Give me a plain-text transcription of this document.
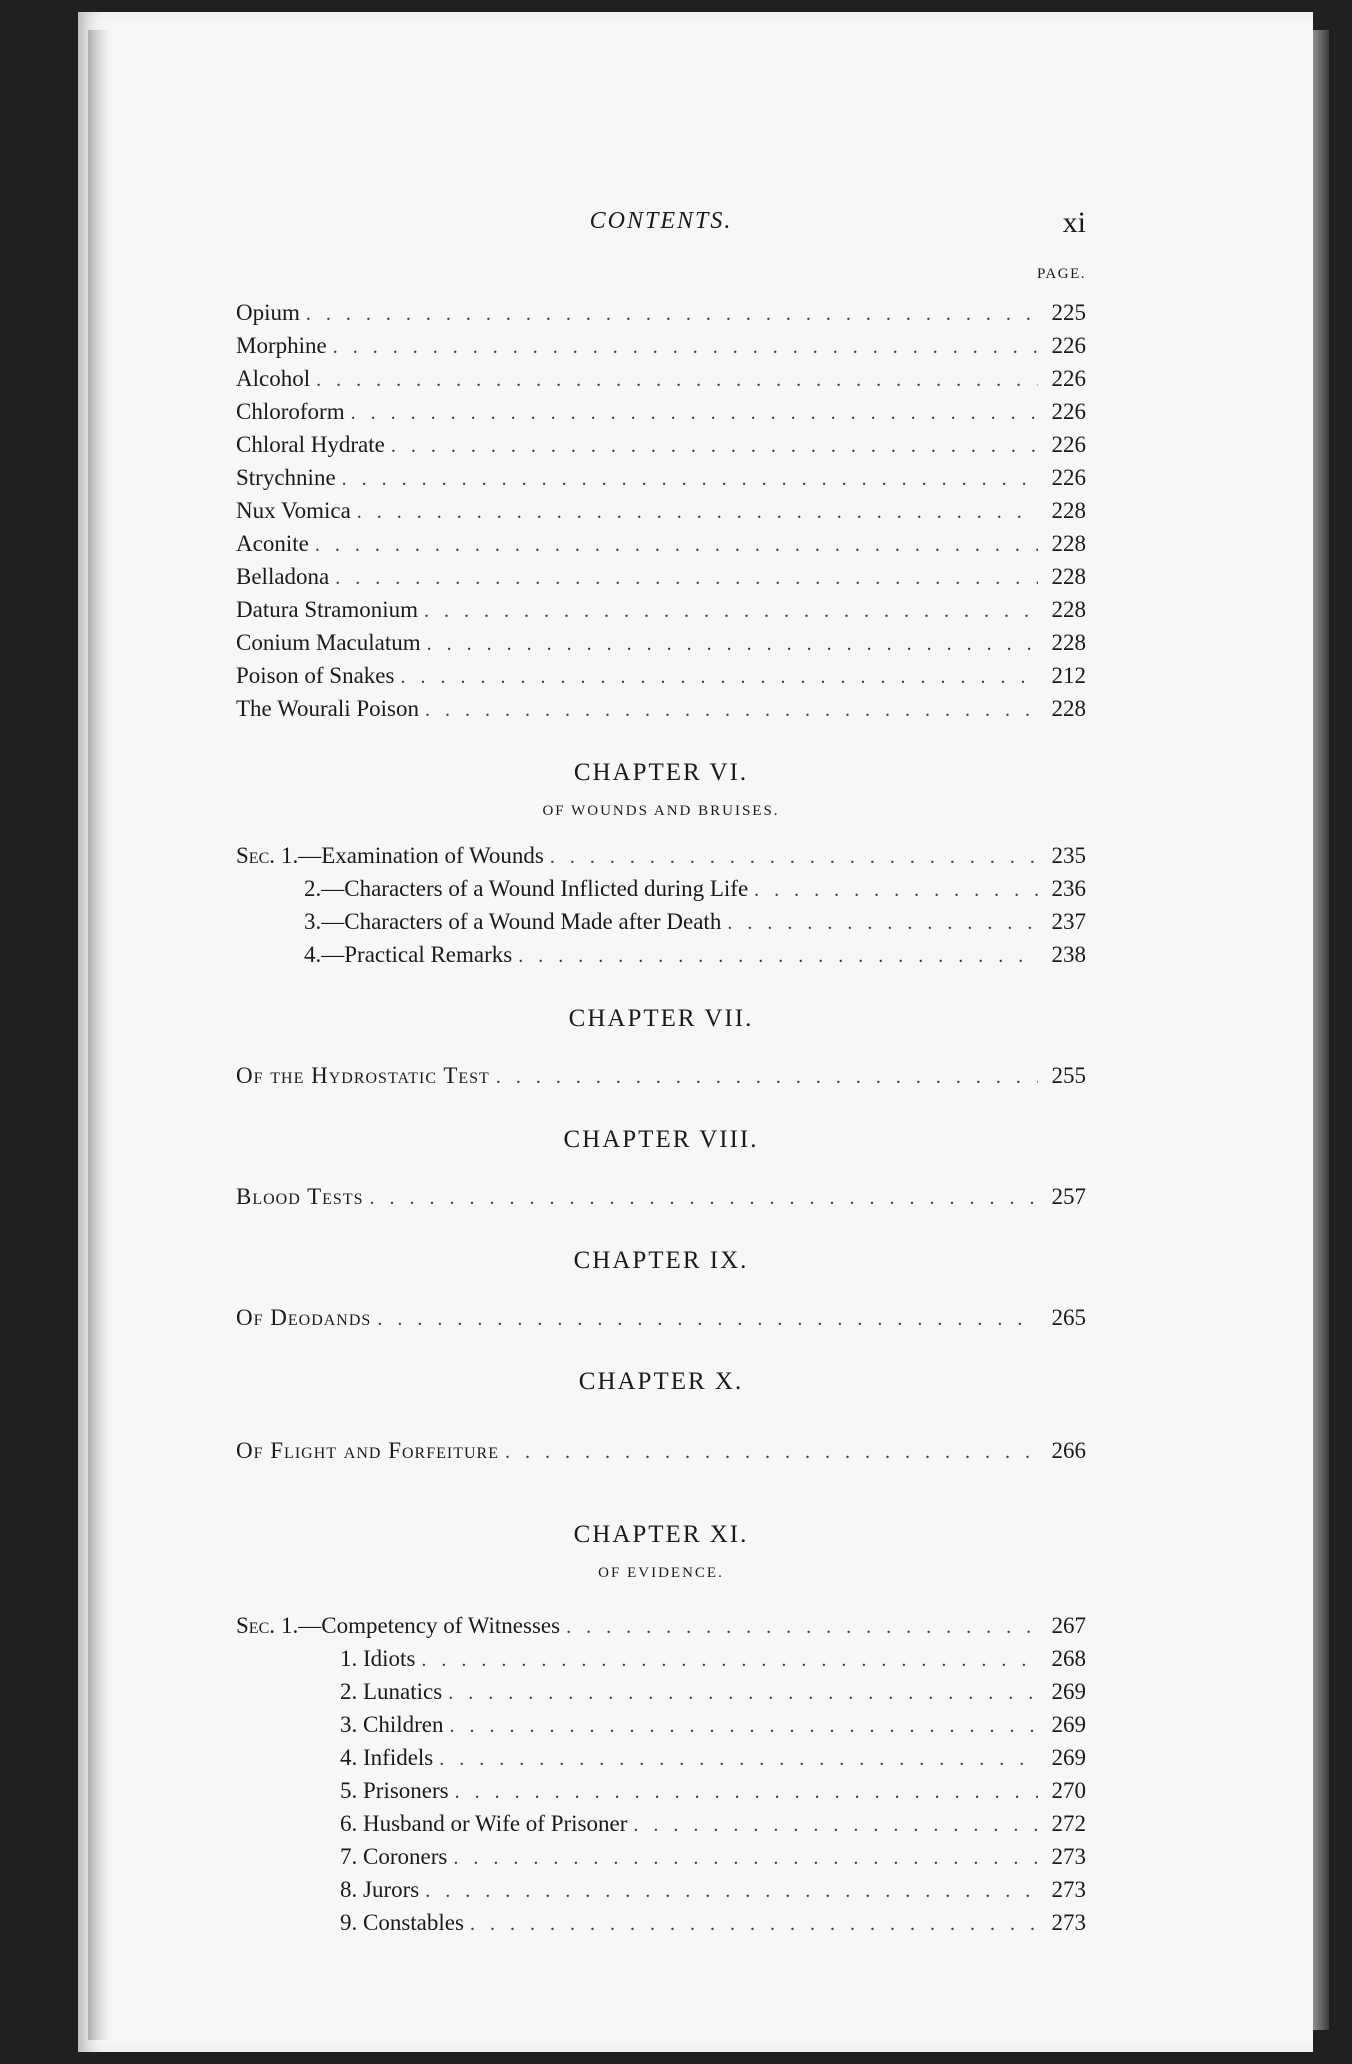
CONTENTS.	xi
PAGE.
Opium . . .	225
Morphine . . .	226
Alcohol . . .	226
Chloroform . . .	226
Chloral Hydrate . . .	226
Strychnine . . .	226
Nux Vomica . . .	228
Aconite . . .	228
Belladona . . .	228
Datura Stramonium . . .	228
Conium Maculatum . . .	228
Poison of Snakes . . .	212
The Wourali Poison . . .	228
CHAPTER VI.
OF WOUNDS AND BRUISES.
Sec. 1.—Examination of Wounds . . .	235
2.—Characters of a Wound Inflicted during Life . . .	236
3.—Characters of a Wound Made after Death . . .	237
4.—Practical Remarks . . .	238
CHAPTER VII.
Of the Hydrostatic Test . . .	255
CHAPTER VIII.
Blood Tests . . .	257
CHAPTER IX.
Of Deodands . . .	265
CHAPTER X.
Of Flight and Forfeiture . . .	266
CHAPTER XI.
OF EVIDENCE.
Sec. 1.—Competency of Witnesses . . .	267
1. Idiots . . .	268
2. Lunatics . . .	269
3. Children . . .	269
4. Infidels . . .	269
5. Prisoners . . .	270
6. Husband or Wife of Prisoner . . .	272
7. Coroners . . .	273
8. Jurors . . .	273
9. Constables . . .	273
